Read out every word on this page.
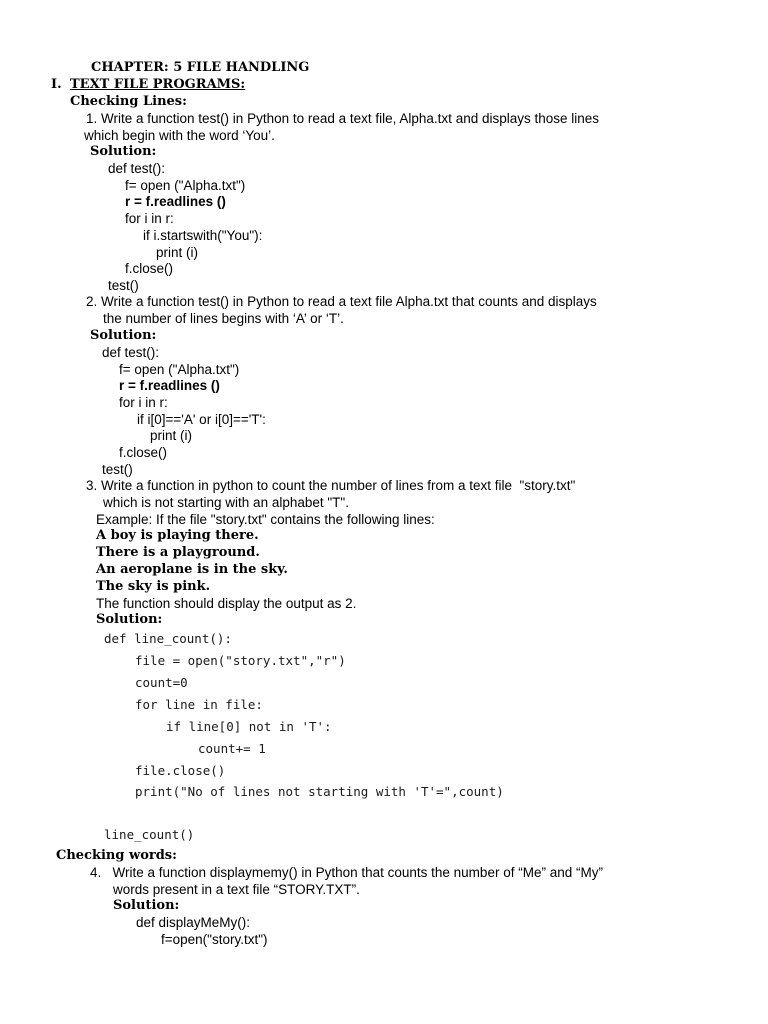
CHAPTER: 5 FILE HANDLING
I. TEXT FILE PROGRAMS:
Checking Lines:
1. Write a function test() in Python to read a text file, Alpha.txt and displays those lines
which begin with the word ‘You’.
Solution:
def test():
f= open ("Alpha.txt")
r = f.readlines ()
for i in r:
if i.startswith("You"):
print (i)
f.close()
test()
2. Write a function test() in Python to read a text file Alpha.txt that counts and displays
the number of lines begins with ‘A’ or ‘T’.
Solution:
def test():
f= open ("Alpha.txt")
r = f.readlines ()
for i in r:
if i[0]=='A' or i[0]=='T':
print (i)
f.close()
test()
3. Write a function in python to count the number of lines from a text file  "story.txt"
which is not starting with an alphabet "T".
Example: If the file "story.txt" contains the following lines:
A boy is playing there.
There is a playground.
An aeroplane is in the sky.
The sky is pink.
The function should display the output as 2.
Solution:
def line_count():
file = open("story.txt","r")
count=0
for line in file:
if line[0] not in 'T':
count+= 1
file.close()
print("No of lines not starting with 'T'=",count)
line_count()
Checking words:
4.   Write a function displaymemy() in Python that counts the number of “Me” and “My”
words present in a text file “STORY.TXT”.
Solution:
def displayMeMy():
f=open("story.txt")
